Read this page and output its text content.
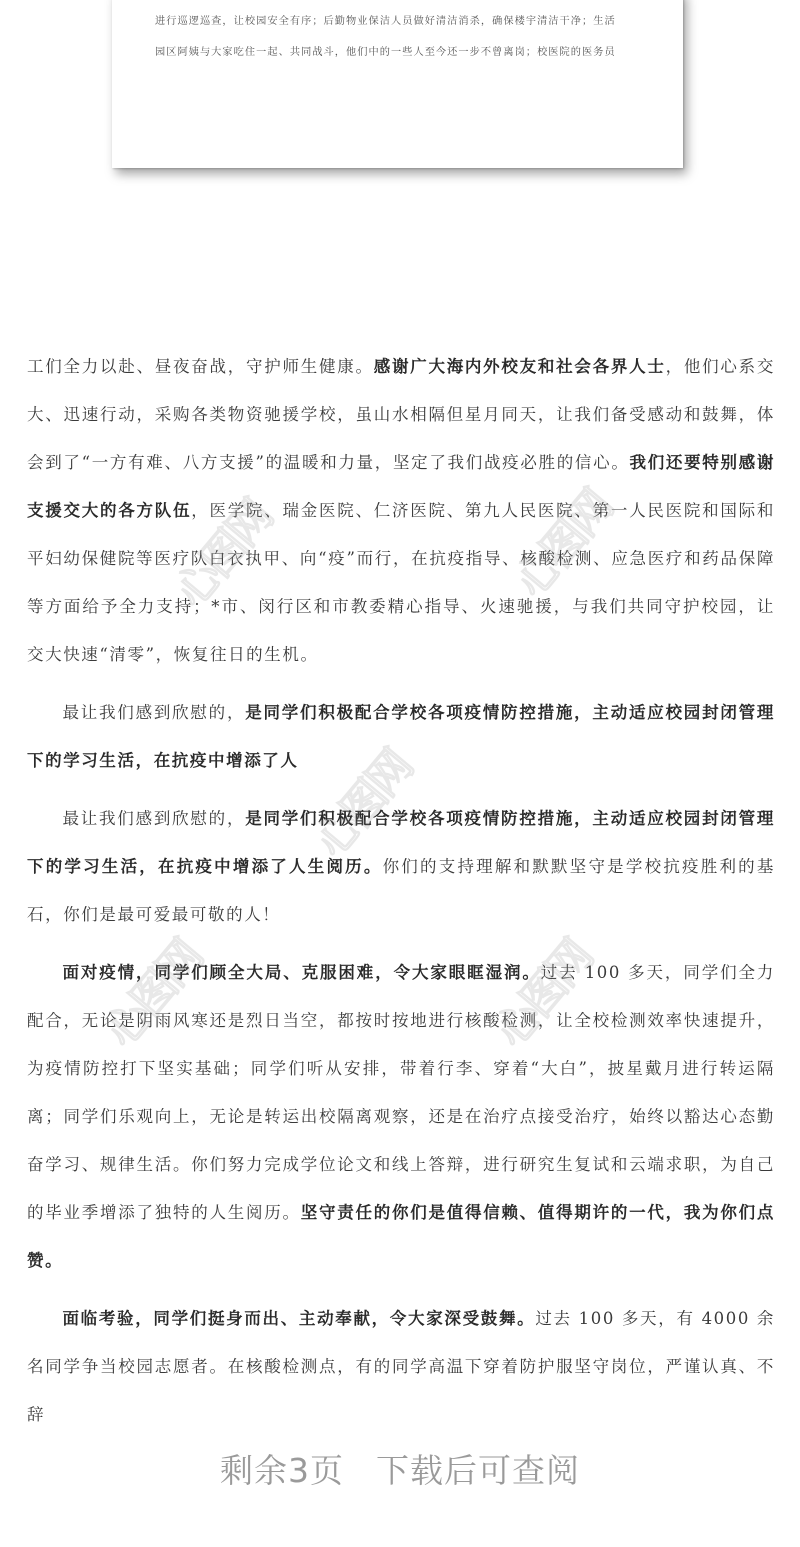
进行巡逻巡查，让校园安全有序；后勤物业保洁人员做好清洁消杀，确保楼宇清洁干净；生活
园区阿姨与大家吃住一起、共同战斗，他们中的一些人至今还一步不曾离岗；校医院的医务员

工们全力以赴、昼夜奋战，守护师生健康。感谢广大海内外校友和社会各界人士，他们心系交大、迅速行动，采购各类物资驰援学校，虽山水相隔但星月同天，让我们备受感动和鼓舞，体会到了“一方有难、八方支援”的温暖和力量，坚定了我们战疫必胜的信心。我们还要特别感谢支援交大的各方队伍，医学院、瑞金医院、仁济医院、第九人民医院、第一人民医院和国际和平妇幼保健院等医疗队白衣执甲、向“疫”而行，在抗疫指导、核酸检测、应急医疗和药品保障等方面给予全力支持；*市、闵行区和市教委精心指导、火速驰援，与我们共同守护校园，让交大快速“清零”，恢复往日的生机。

最让我们感到欣慰的，是同学们积极配合学校各项疫情防控措施，主动适应校园封闭管理下的学习生活，在抗疫中增添了人

最让我们感到欣慰的，是同学们积极配合学校各项疫情防控措施，主动适应校园封闭管理下的学习生活，在抗疫中增添了人生阅历。你们的支持理解和默默坚守是学校抗疫胜利的基石，你们是最可爱最可敬的人！

面对疫情，同学们顾全大局、克服困难，令大家眼眶湿润。过去 100 多天，同学们全力配合，无论是阴雨风寒还是烈日当空，都按时按地进行核酸检测，让全校检测效率快速提升，为疫情防控打下坚实基础；同学们听从安排，带着行李、穿着“大白”，披星戴月进行转运隔离；同学们乐观向上，无论是转运出校隔离观察，还是在治疗点接受治疗，始终以豁达心态勤奋学习、规律生活。你们努力完成学位论文和线上答辩，进行研究生复试和云端求职，为自己的毕业季增添了独特的人生阅历。坚守责任的你们是值得信赖、值得期许的一代，我为你们点赞。

面临考验，同学们挺身而出、主动奉献，令大家深受鼓舞。过去 100 多天，有 4000 余名同学争当校园志愿者。在核酸检测点，有的同学高温下穿着防护服坚守岗位，严谨认真、不辞

心图网	心图网
心图网
心图网	心图网
剩余3页 下载后可查阅
